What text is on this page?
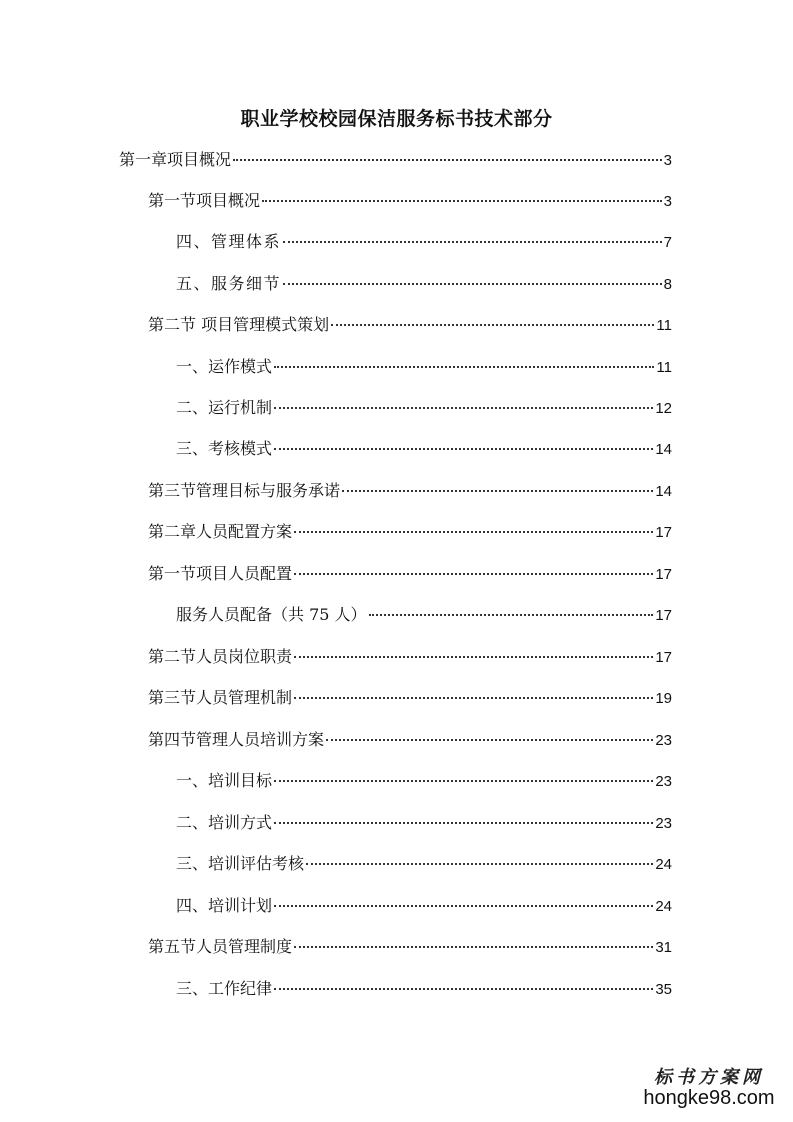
职业学校校园保洁服务标书技术部分
第一章项目概况	3
第一节项目概况	3
四、管理体系	7
五、服务细节	8
第二节 项目管理模式策划	11
一、运作模式	11
二、运行机制	12
三、考核模式	14
第三节管理目标与服务承诺	14
第二章人员配置方案	17
第一节项目人员配置	17
服务人员配备（共 75 人）	17
第二节人员岗位职责	17
第三节人员管理机制	19
第四节管理人员培训方案	23
一、培训目标	23
二、培训方式	23
三、培训评估考核	24
四、培训计划	24
第五节人员管理制度	31
三、工作纪律	35
标书方案网
hongke98.com
